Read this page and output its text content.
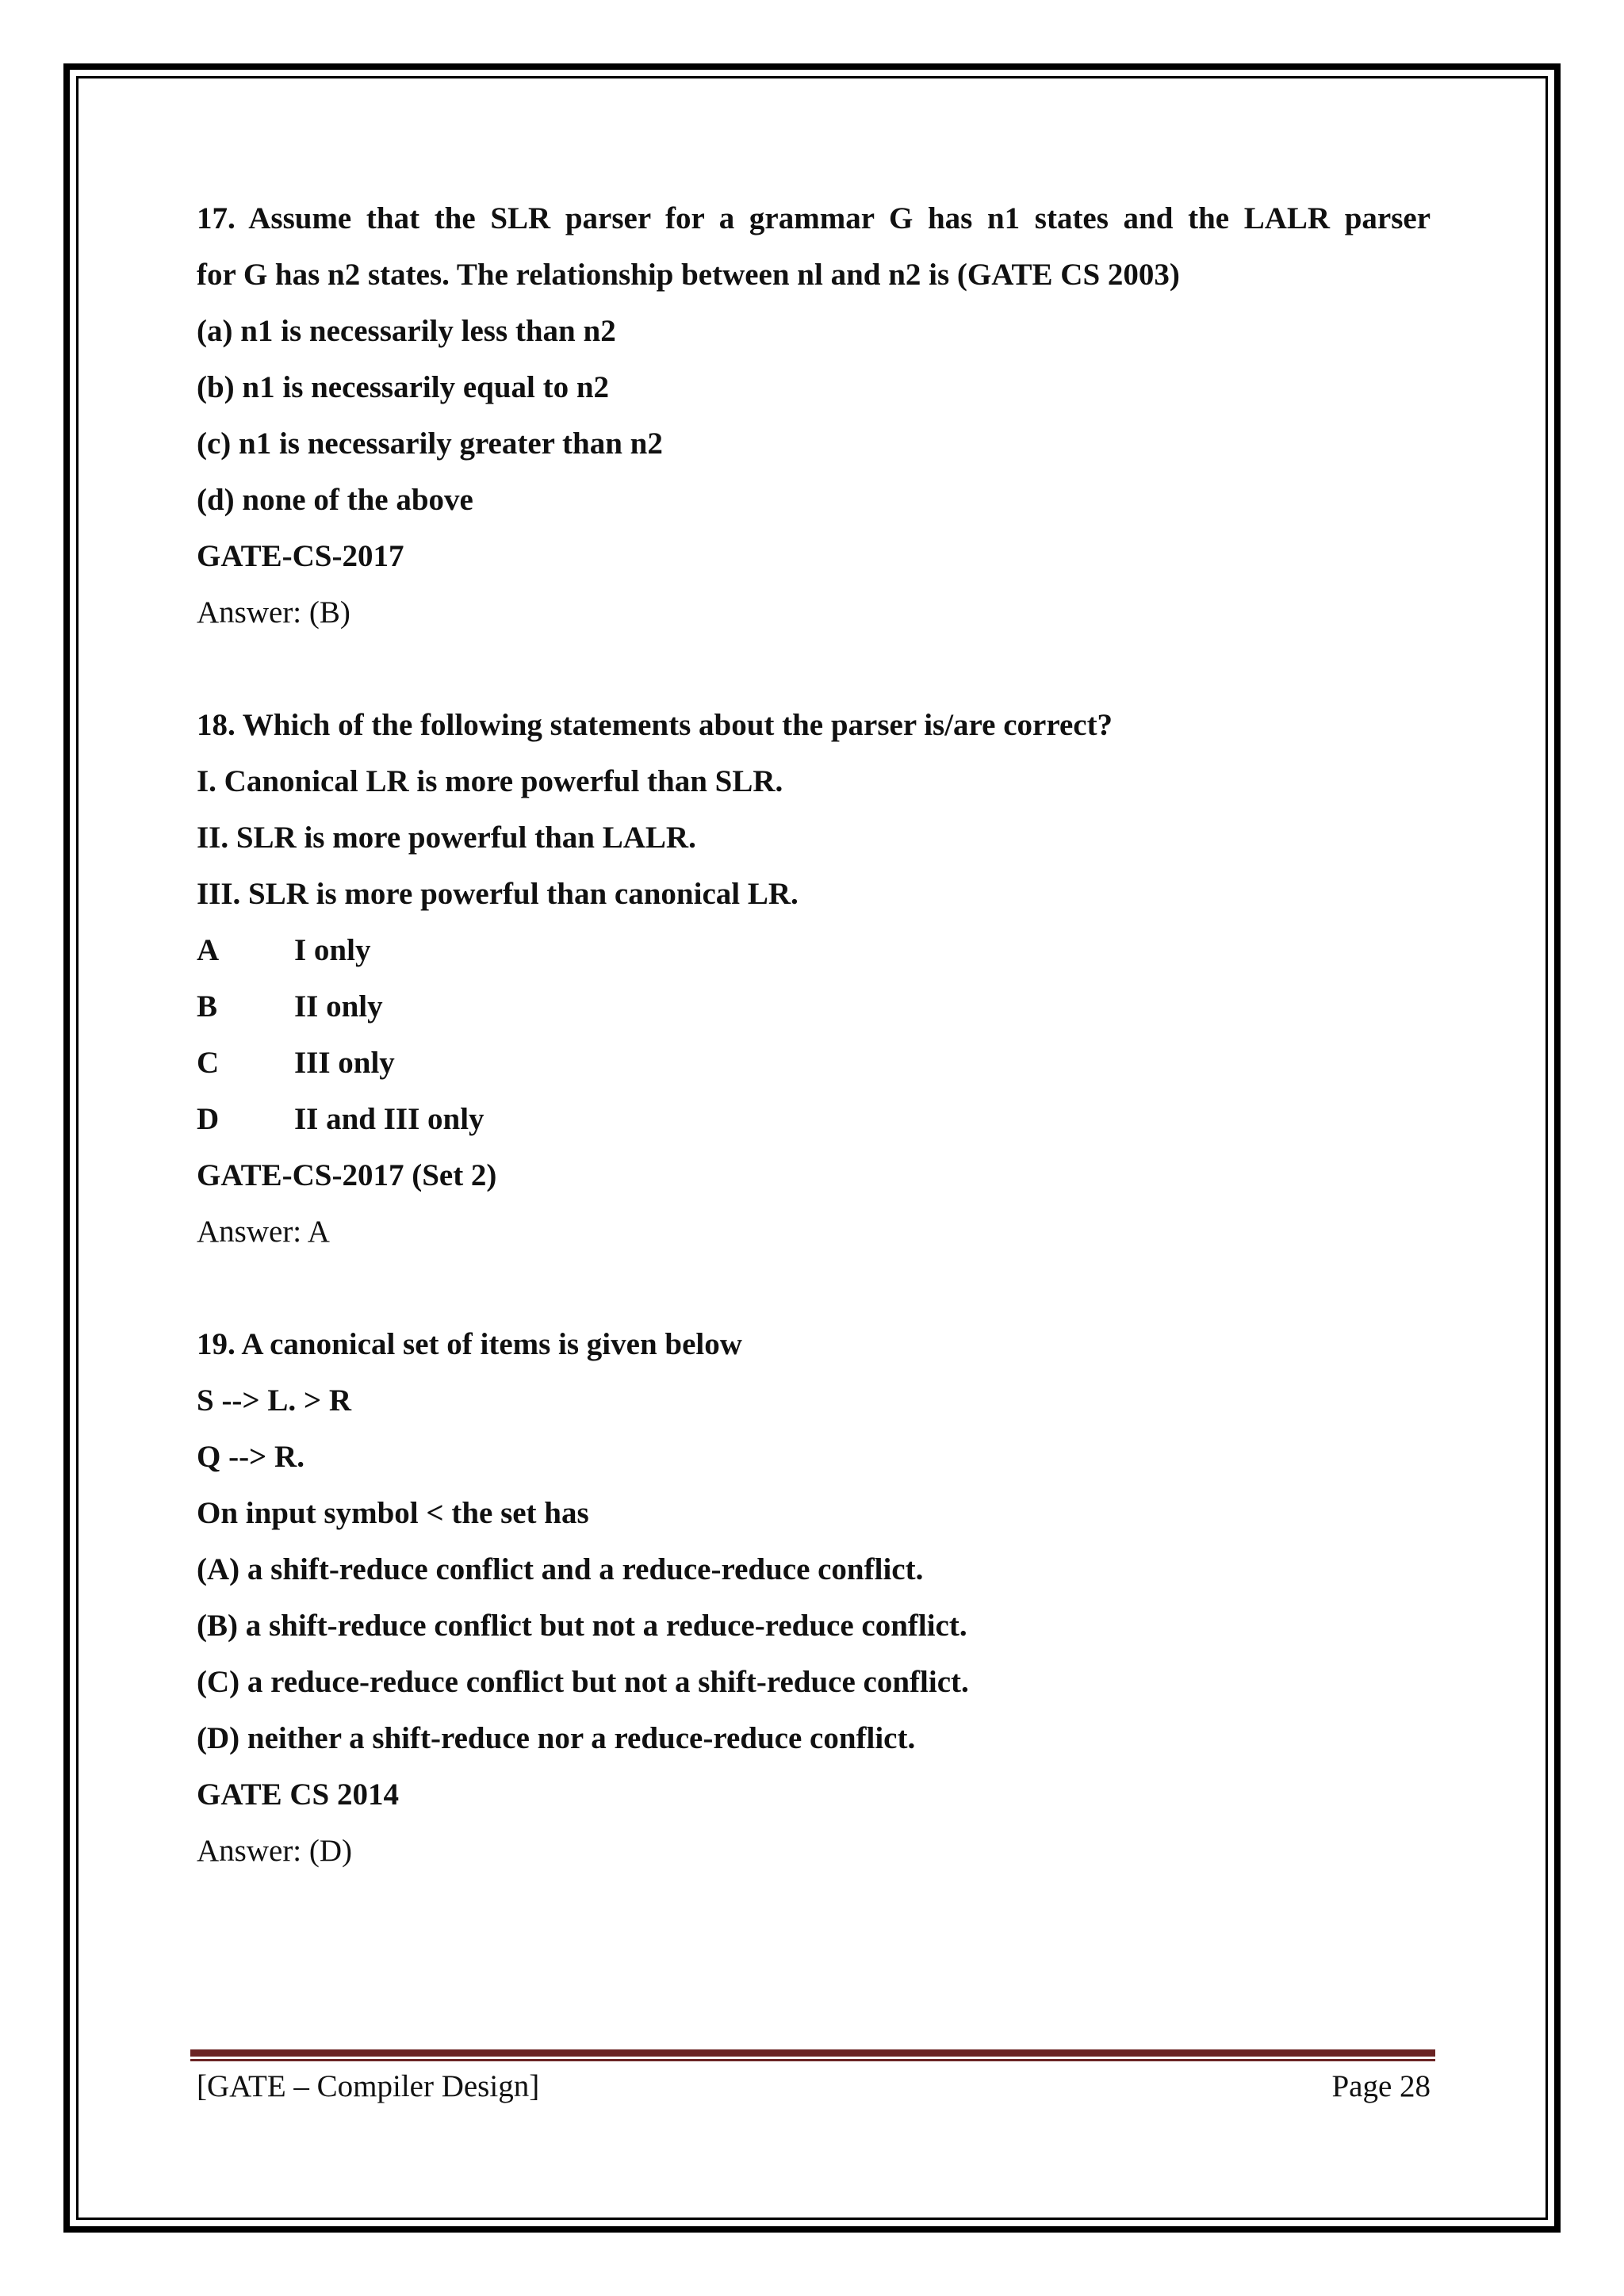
17. Assume that the SLR parser for a grammar G has n1 states and the LALR parser
for G has n2 states. The relationship between nl and n2 is (GATE CS 2003)
(a) n1 is necessarily less than n2
(b) n1 is necessarily equal to n2
(c) n1 is necessarily greater than n2
(d) none of the above
GATE-CS-2017
Answer: (B)
18. Which of the following statements about the parser is/are correct?
I. Canonical LR is more powerful than SLR.
II. SLR is more powerful than LALR.
III. SLR is more powerful than canonical LR.
A I only
B II only
C III only
D II and III only
GATE-CS-2017 (Set 2)
Answer: A
19. A canonical set of items is given below
S --> L. > R
Q --> R.
On input symbol < the set has
(A) a shift-reduce conflict and a reduce-reduce conflict.
(B) a shift-reduce conflict but not a reduce-reduce conflict.
(C) a reduce-reduce conflict but not a shift-reduce conflict.
(D) neither a shift-reduce nor a reduce-reduce conflict.
GATE CS 2014
Answer: (D)
[GATE – Compiler Design]	Page 28
